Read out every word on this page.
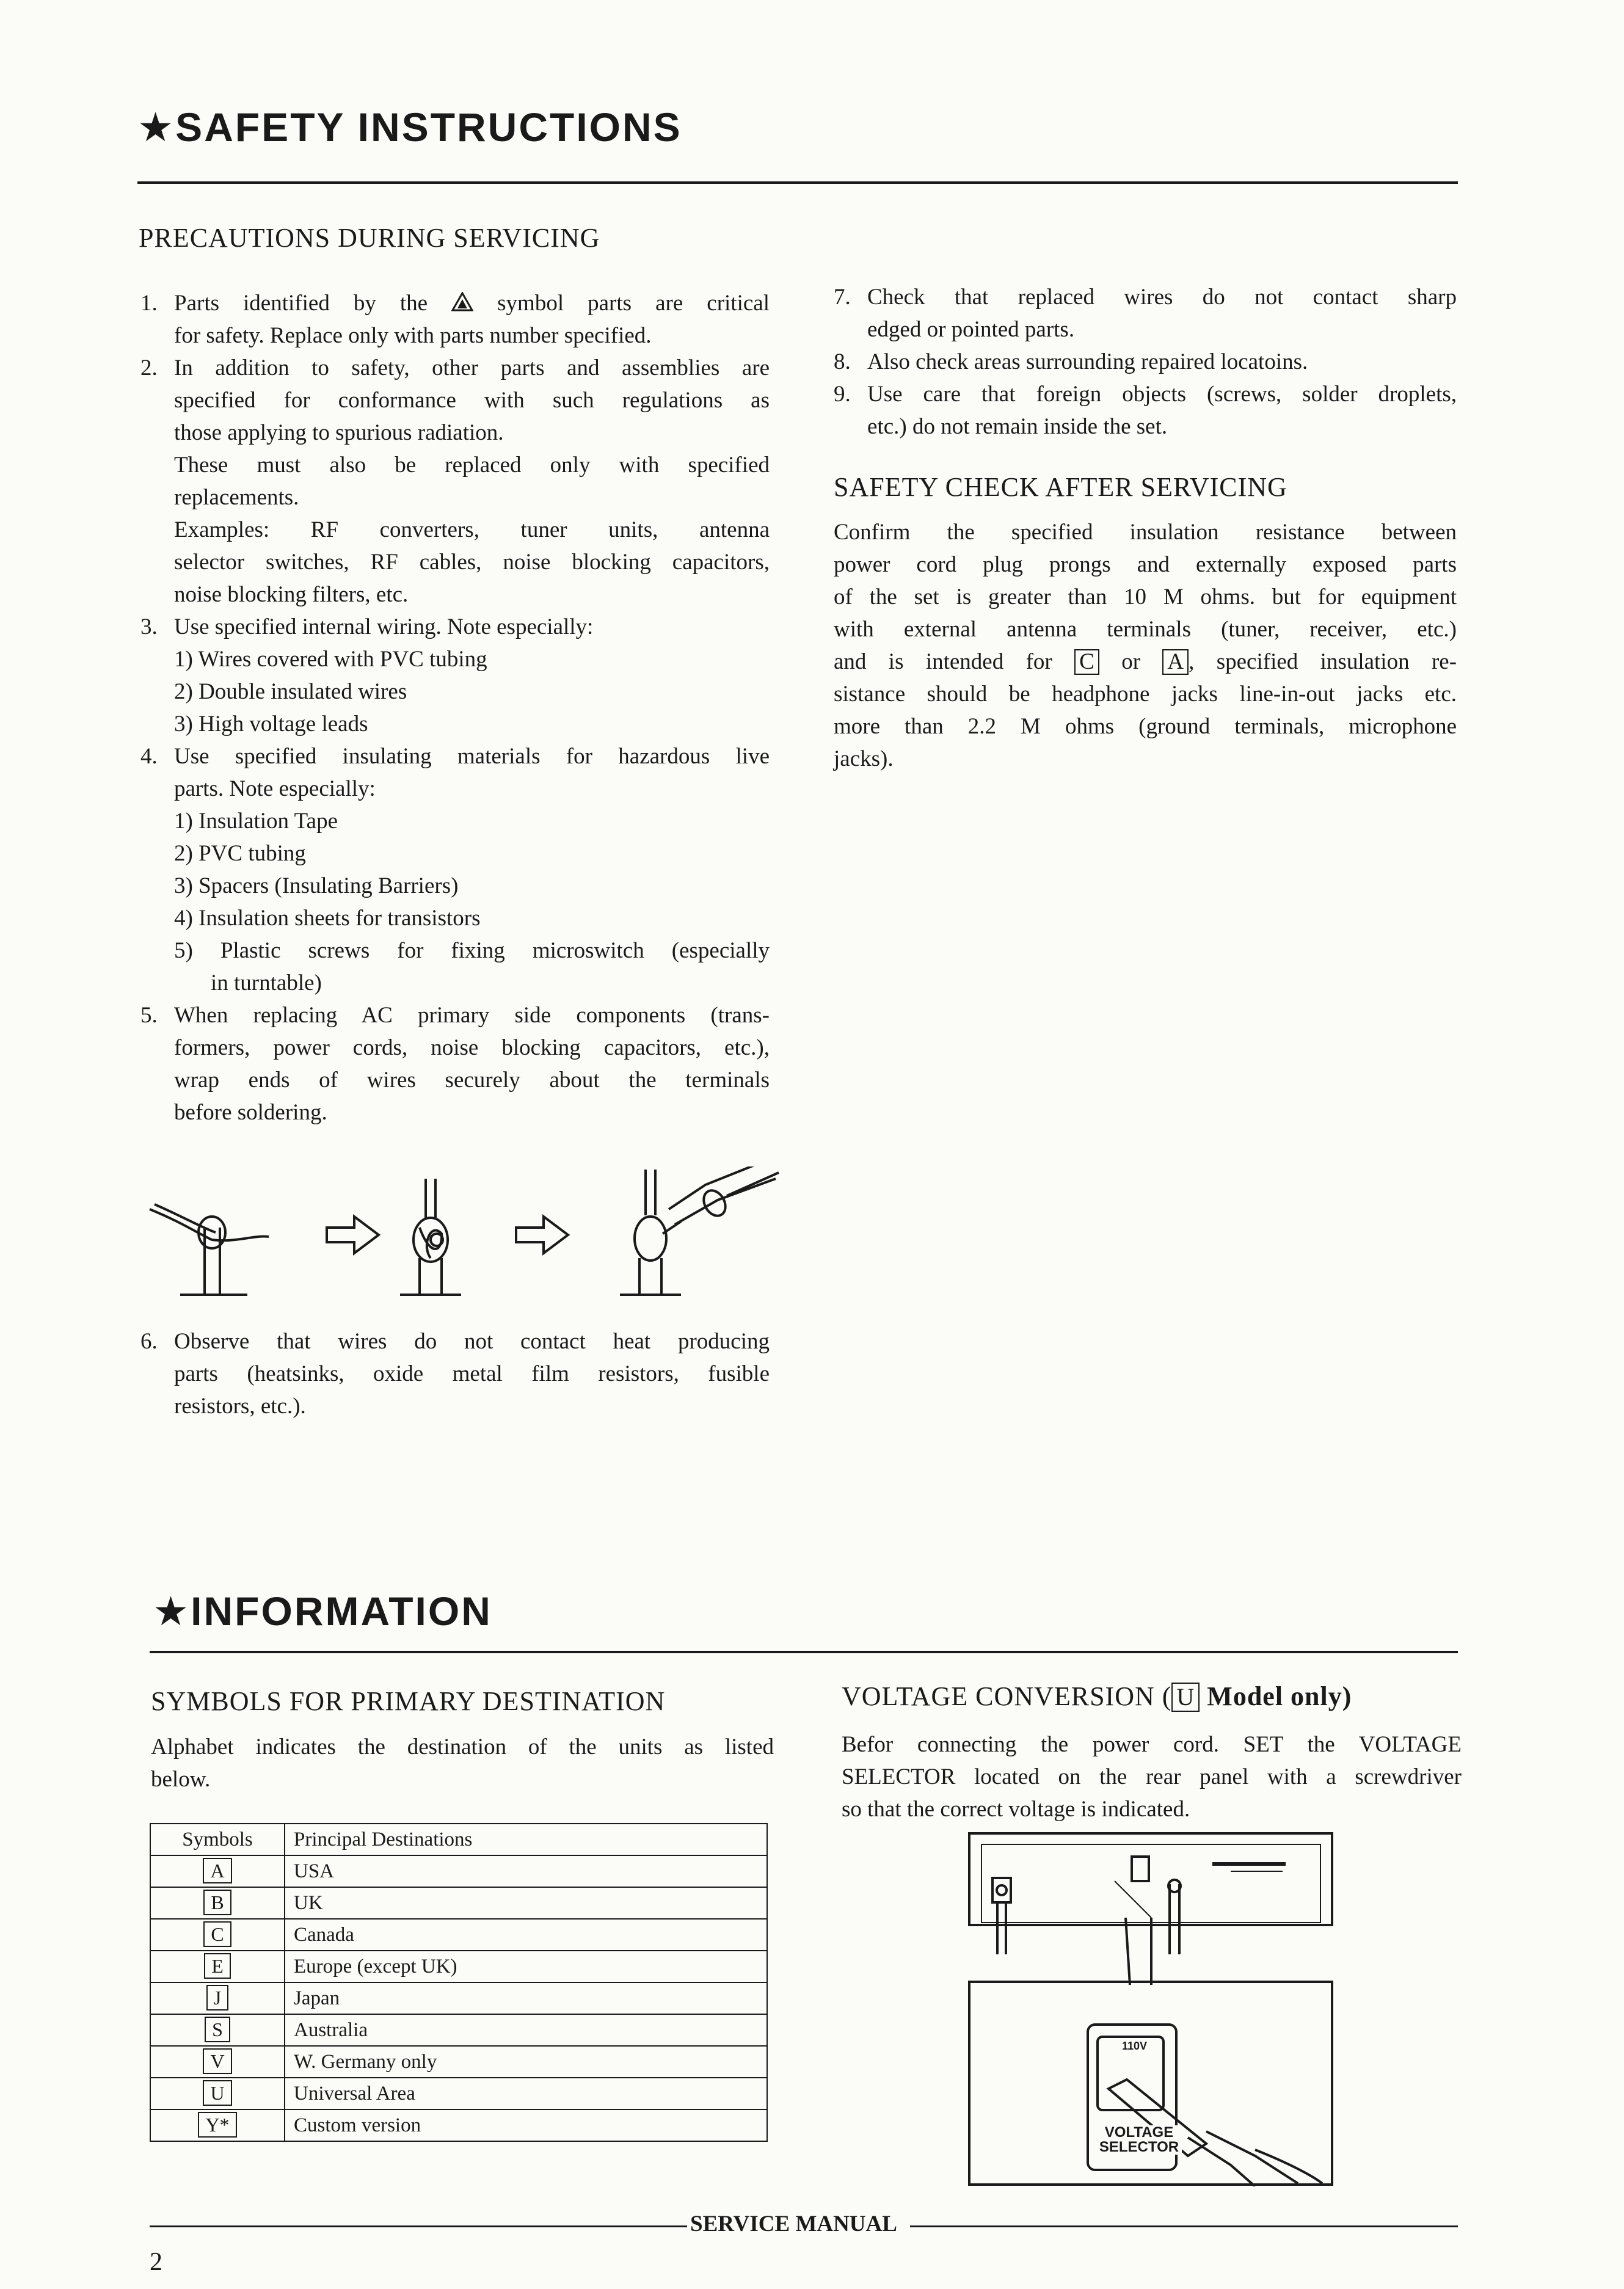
★SAFETY INSTRUCTIONS
PRECAUTIONS DURING SERVICING
1. Parts identified by the	symbol parts are critical

for safety. Replace only with parts number specified.

2. In addition to safety, other parts and assemblies are

specified for conformance with such regulations as

those applying to spurious radiation.

These must also be replaced only with specified

replacements.

Examples: RF converters, tuner units, antenna

selector switches, RF cables, noise blocking capacitors,

noise blocking filters, etc.

3. Use specified internal wiring. Note especially:

1) Wires covered with PVC tubing

2) Double insulated wires

3) High voltage leads

4. Use specified insulating materials for hazardous live

parts. Note especially:

1) Insulation Tape

2) PVC tubing

3) Spacers (Insulating Barriers)

4) Insulation sheets for transistors

5) Plastic screws for fixing microswitch (especially

in turntable)

5. When replacing AC primary side components (trans-

formers, power cords, noise blocking capacitors, etc.),

wrap ends of wires securely about the terminals

before soldering.

6. Observe that wires do not contact heat producing

parts (heatsinks, oxide metal film resistors, fusible

resistors, etc.).

7. Check that replaced wires do not contact sharp

edged or pointed parts.

8. Also check areas surrounding repaired locatoins.

9. Use care that foreign objects (screws, solder droplets,

etc.) do not remain inside the set.

SAFETY CHECK AFTER SERVICING

Confirm the specified insulation resistance between

power cord plug prongs and externally exposed parts

of the set is greater than 10 M ohms. but for equipment

with external antenna terminals (tuner, receiver, etc.)

and is intended for C or A , specified insulation re-

sistance should be headphone jacks line-in-out jacks etc.

more than 2.2 M ohms (ground terminals, microphone

jacks).

★INFORMATION
SYMBOLS FOR PRIMARY DESTINATION

Alphabet indicates the destination of the units as listed

below.

Symbols	Principal Destinations
A	USA
B	UK
C	Canada
E	Europe (except UK)
J	Japan
S	Australia
V	W. Germany only
U	Universal Area
Y*	Custom version
VOLTAGE CONVERSION ( U Model only)

Befor connecting the power cord. SET the VOLTAGE

SELECTOR located on the rear panel with a screwdriver

so that the correct voltage is indicated.

110V
VOLTAGE
SELECTOR
SERVICE MANUAL
2
